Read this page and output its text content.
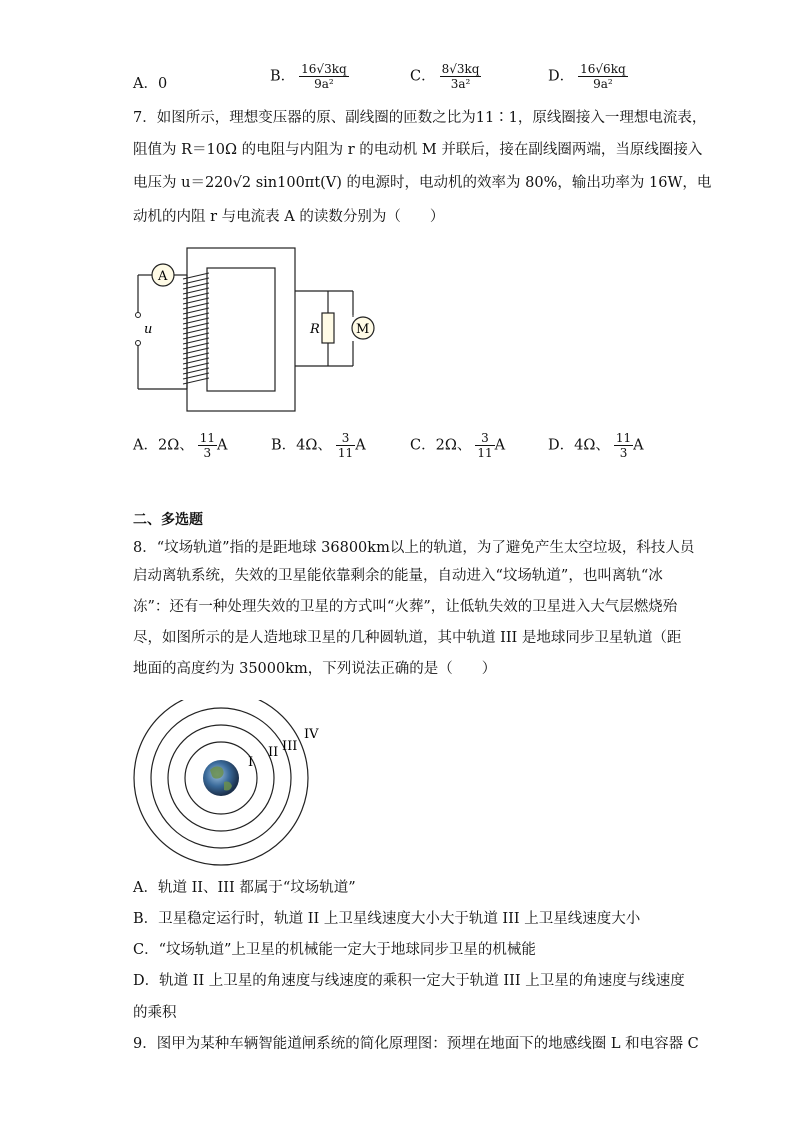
A．0	B． $\frac{16√3kq}{\text{9a²}}$	C． $\frac{8√3kq}{\text{3a²}}$	D． $\frac{16√6kq}{\text{9a²}}$
7．如图所示，理想变压器的原、副线圈的匝数之比为11∶1，原线圈接入一理想电流表，
阻值为 R＝10Ω 的电阻与内阻为 r 的电动机 M 并联后，接在副线圈两端，当原线圈接入
电压为 u＝220√2 sin100πt(V) 的电源时，电动机的效率为 80%，输出功率为 16W，电
动机的内阻 r 与电流表 A 的读数分别为（　　）
u
A
R	M
A．2Ω、 $\frac{11}{3}$ A	B．4Ω、 $\frac{3}{11}$ A	C．2Ω、 $\frac{3}{11}$ A	D．4Ω、 $\frac{11}{3}$ A
二、多选题
8．“坟场轨道”指的是距地球 36800km以上的轨道，为了避免产生太空垃圾，科技人员
启动离轨系统，失效的卫星能依靠剩余的能量，自动进入“坟场轨道”，也叫离轨“冰
冻”：还有一种处理失效的卫星的方式叫“火葬”，让低轨失效的卫星进入大气层燃烧殆
尽，如图所示的是人造地球卫星的几种圆轨道，其中轨道 III 是地球同步卫星轨道（距
地面的高度约为 35000km，下列说法正确的是（　　）
I
II III
IV
A．轨道 II、III 都属于“坟场轨道”
B．卫星稳定运行时，轨道 II 上卫星线速度大小大于轨道 III 上卫星线速度大小
C．“坟场轨道”上卫星的机械能一定大于地球同步卫星的机械能
D．轨道 II 上卫星的角速度与线速度的乘积一定大于轨道 III 上卫星的角速度与线速度
的乘积
9．图甲为某种车辆智能道闸系统的简化原理图：预埋在地面下的地感线圈 L 和电容器 C
